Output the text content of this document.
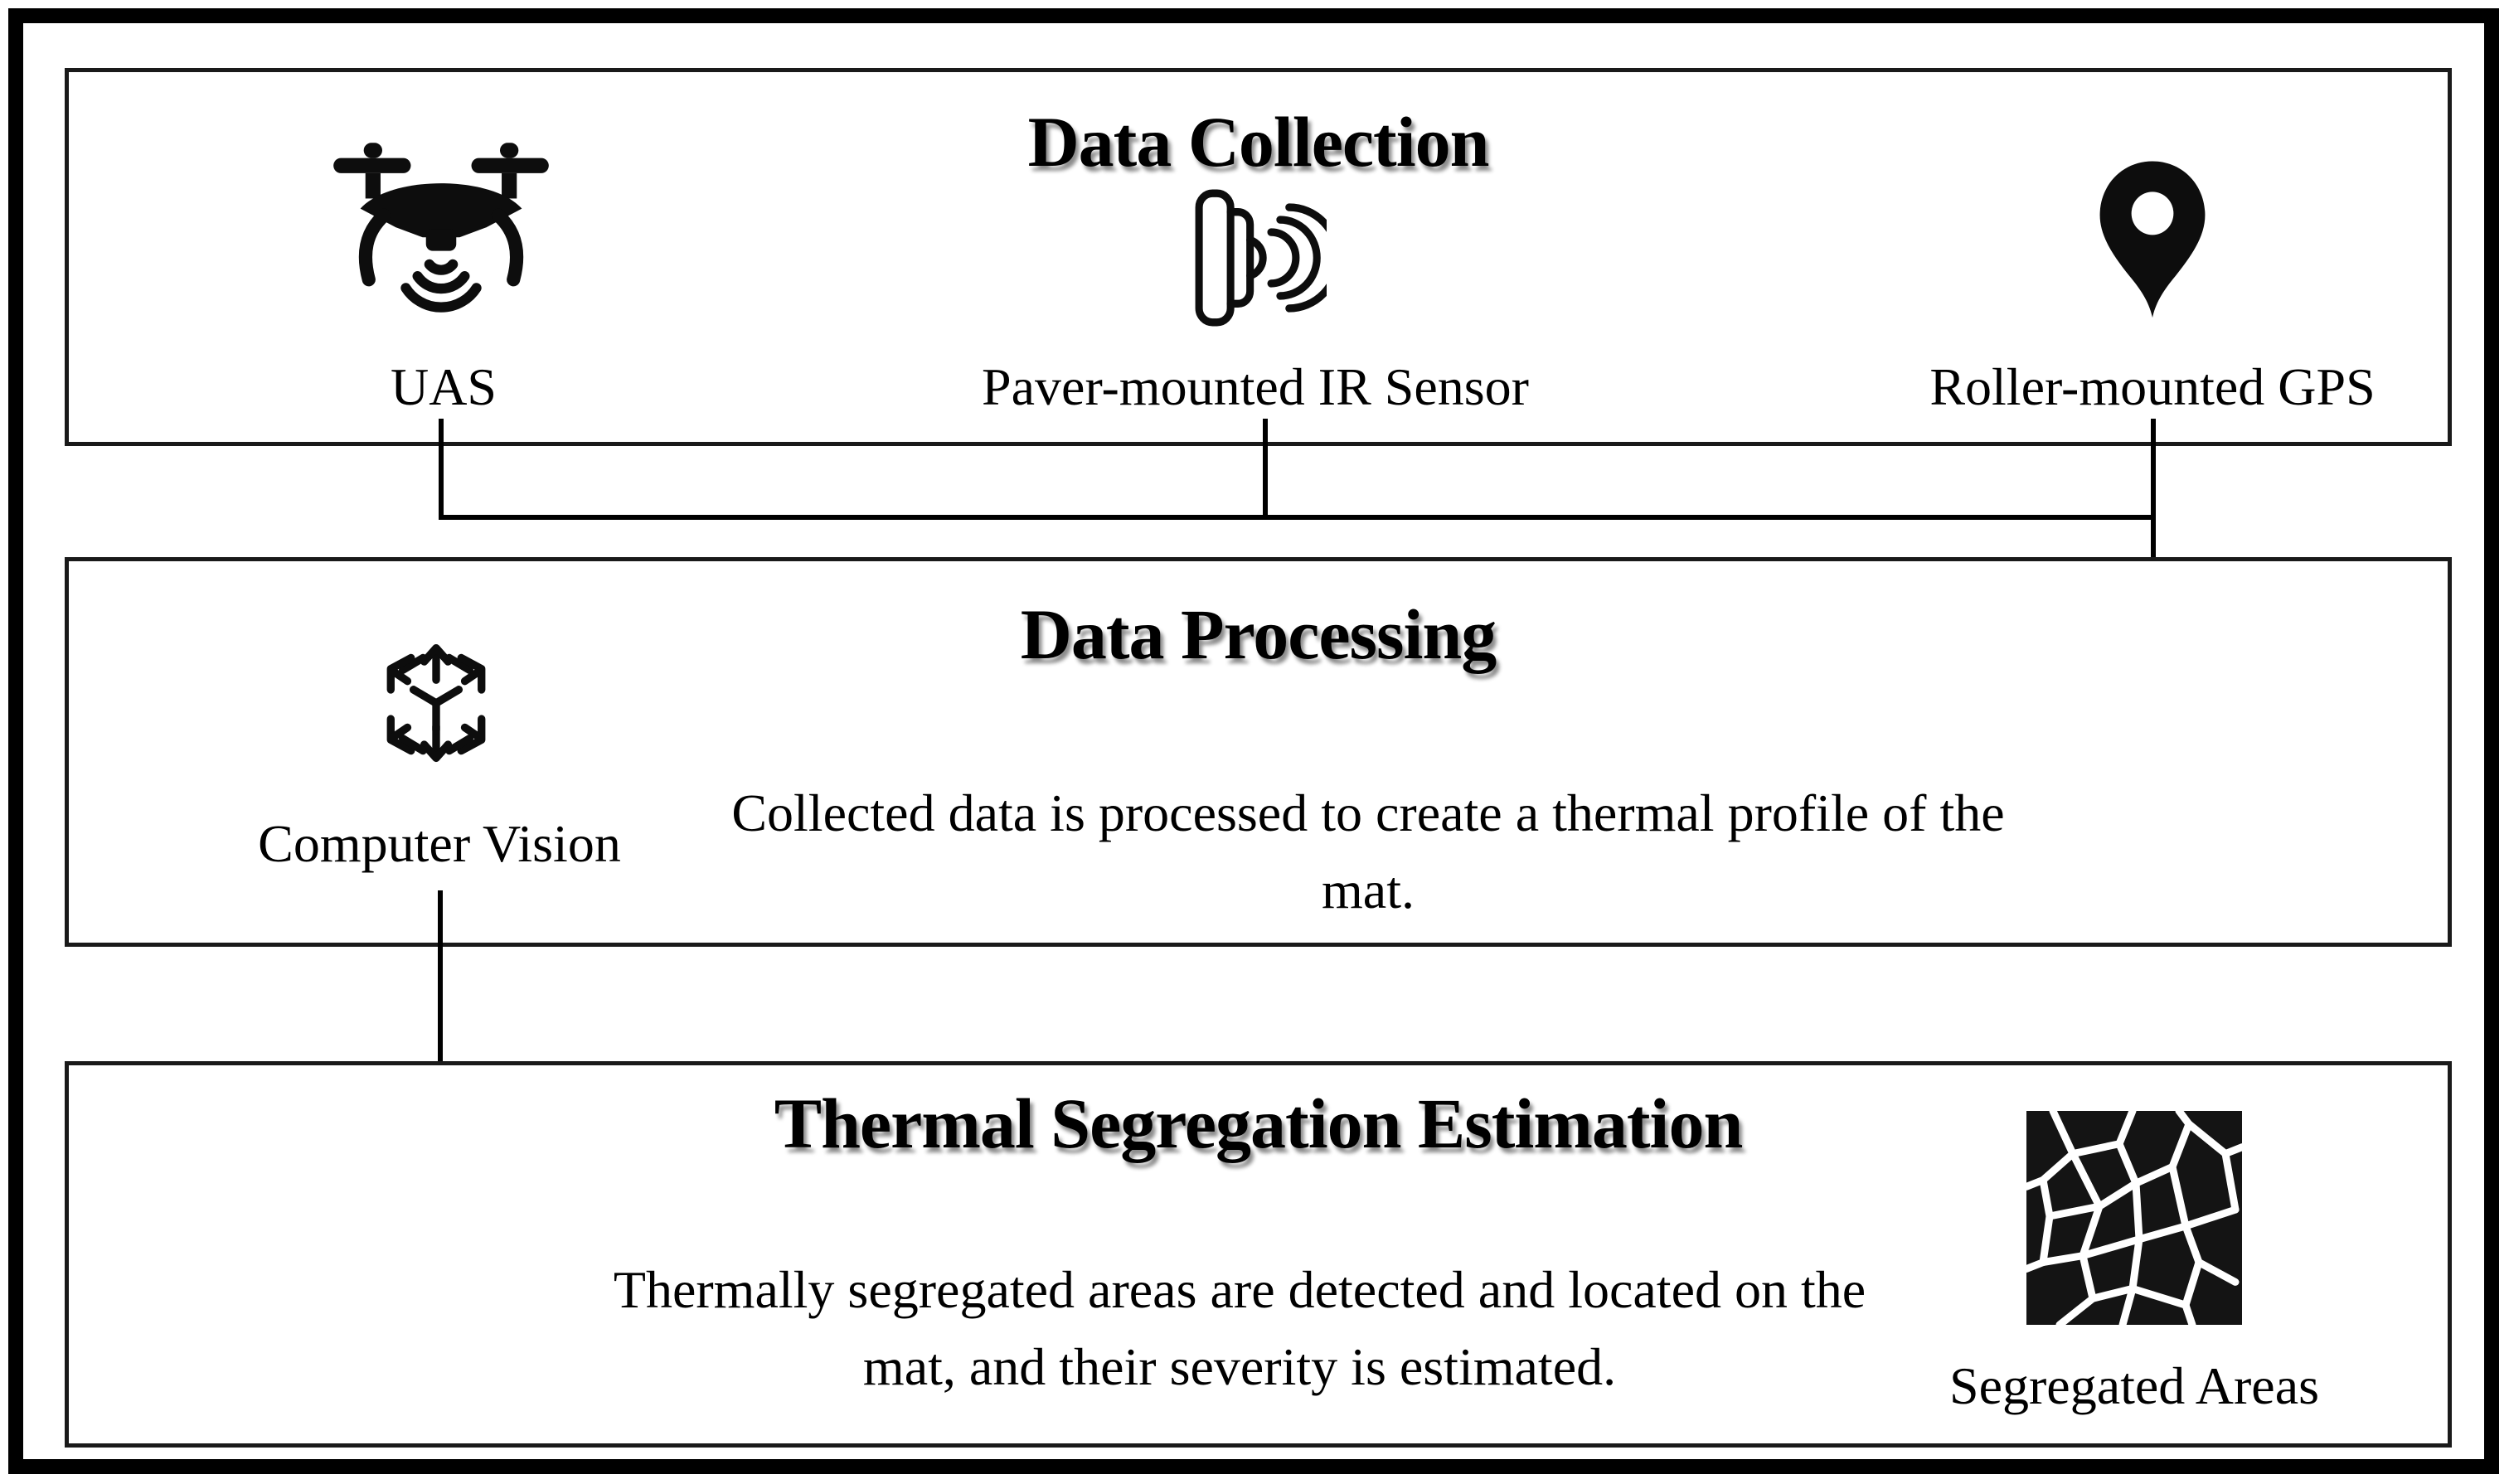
Data Collection
UAS	Paver-mounted IR Sensor	Roller-mounted GPS
Data Processing
Computer Vision
Collected data is processed to create a thermal profile of the
mat.
Thermal Segregation Estimation
Thermally segregated areas are detected and located on the
mat, and their severity is estimated.	Segregated Areas
